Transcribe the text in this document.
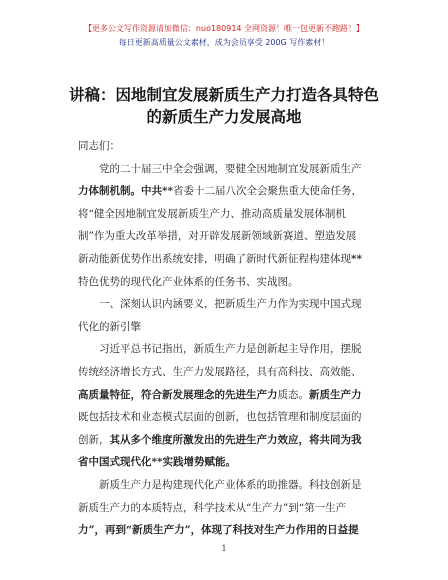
【更多公文写作资源请加微信：nuo180914 全网资源！唯一包更新不跑路！】
每日更新高质量公文素材，成为会员享受 200G 写作素材！
讲稿：因地制宜发展新质生产力打造各具特色
的新质生产力发展高地
同志们：
党的二十届三中全会强调，要健全因地制宜发展新质生产
力体制机制。中共**省委十二届八次全会聚焦重大使命任务，
将“健全因地制宜发展新质生产力、推动高质量发展体制机
制”作为重大改革举措，对开辟发展新领域新赛道、塑造发展
新动能新优势作出系统安排，明确了新时代新征程构建体现**
特色优势的现代化产业体系的任务书、实战图。
一、深刻认识内涵要义，把新质生产力作为实现中国式现
代化的新引擎
习近平总书记指出，新质生产力是创新起主导作用，摆脱
传统经济增长方式、生产力发展路径，具有高科技、高效能、
高质量特征，符合新发展理念的先进生产力质态。新质生产力
既包括技术和业态模式层面的创新，也包括管理和制度层面的
创新，其从多个维度所激发出的先进生产力效应，将共同为我
省中国式现代化**实践增势赋能。
新质生产力是构建现代化产业体系的助推器。科技创新是
新质生产力的本质特点，科学技术从“生产力”到“第一生产
力”，再到“新质生产力”，体现了科技对生产力作用的日益提
1
